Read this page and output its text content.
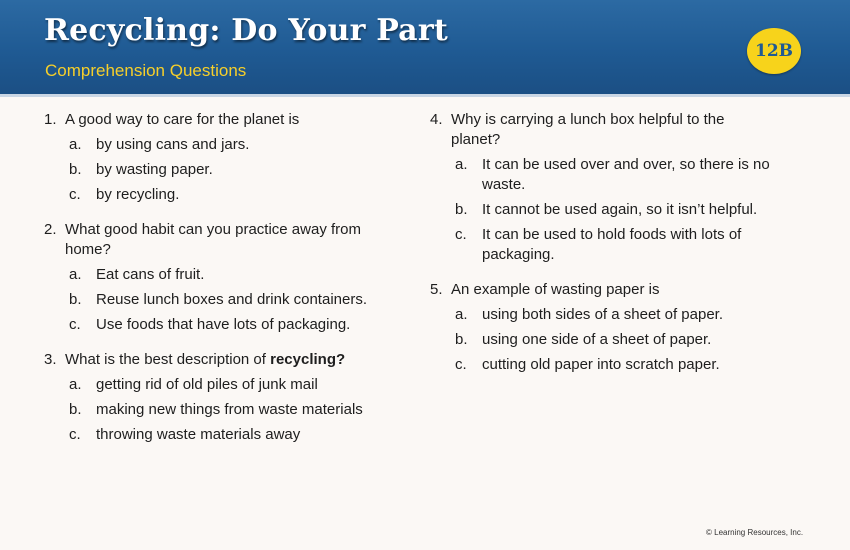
Recycling: Do Your Part
Comprehension Questions
12B
1. A good way to care for the planet is
a. by using cans and jars.
b. by wasting paper.
c. by recycling.
2. What good habit can you practice away from home?
a. Eat cans of fruit.
b. Reuse lunch boxes and drink containers.
c. Use foods that have lots of packaging.
3. What is the best description of recycling?
a. getting rid of old piles of junk mail
b. making new things from waste materials
c. throwing waste materials away
4. Why is carrying a lunch box helpful to the planet?
a. It can be used over and over, so there is no waste.
b. It cannot be used again, so it isn’t helpful.
c. It can be used to hold foods with lots of packaging.
5. An example of wasting paper is
a. using both sides of a sheet of paper.
b. using one side of a sheet of paper.
c. cutting old paper into scratch paper.
© Learning Resources, Inc.
